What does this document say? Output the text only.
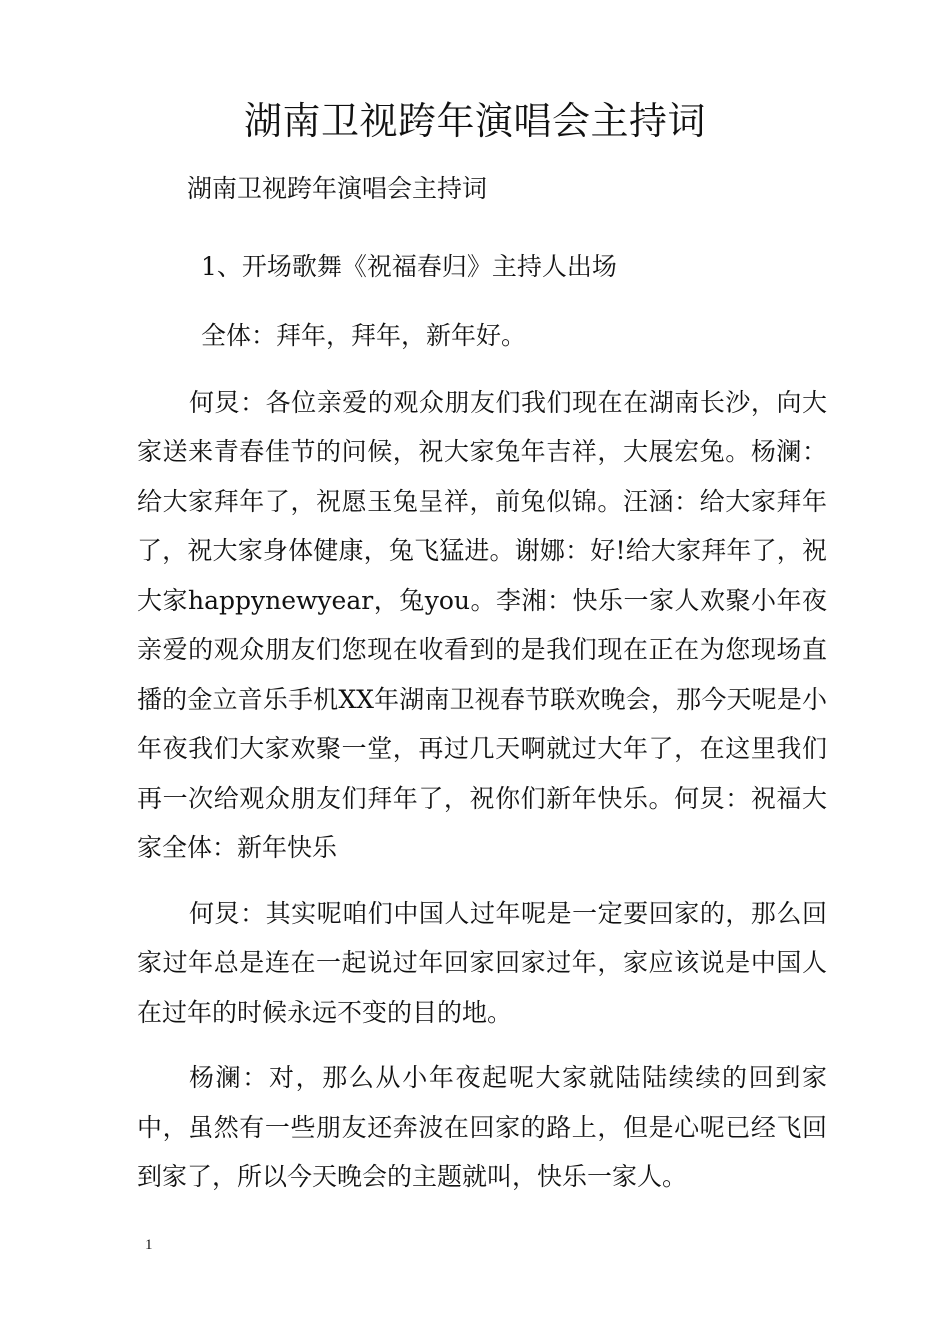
湖南卫视跨年演唱会主持词

湖南卫视跨年演唱会主持词

1、开场歌舞《祝福春归》主持人出场

全体：拜年，拜年，新年好。

何炅：各位亲爱的观众朋友们我们现在在湖南长沙，向大家送来青春佳节的问候，祝大家兔年吉祥，大展宏兔。杨澜：给大家拜年了，祝愿玉兔呈祥，前兔似锦。汪涵：给大家拜年了，祝大家身体健康，兔飞猛进。谢娜：好!给大家拜年了，祝大家happynewyear，兔you。李湘：快乐一家人欢聚小年夜亲爱的观众朋友们您现在收看到的是我们现在正在为您现场直播的金立音乐手机XX年湖南卫视春节联欢晚会，那今天呢是小年夜我们大家欢聚一堂，再过几天啊就过大年了，在这里我们再一次给观众朋友们拜年了，祝你们新年快乐。何炅：祝福大家全体：新年快乐

何炅：其实呢咱们中国人过年呢是一定要回家的，那么回家过年总是连在一起说过年回家回家过年，家应该说是中国人在过年的时候永远不变的目的地。

杨澜：对，那么从小年夜起呢大家就陆陆续续的回到家中，虽然有一些朋友还奔波在回家的路上，但是心呢已经飞回到家了，所以今天晚会的主题就叫，快乐一家人。

1
